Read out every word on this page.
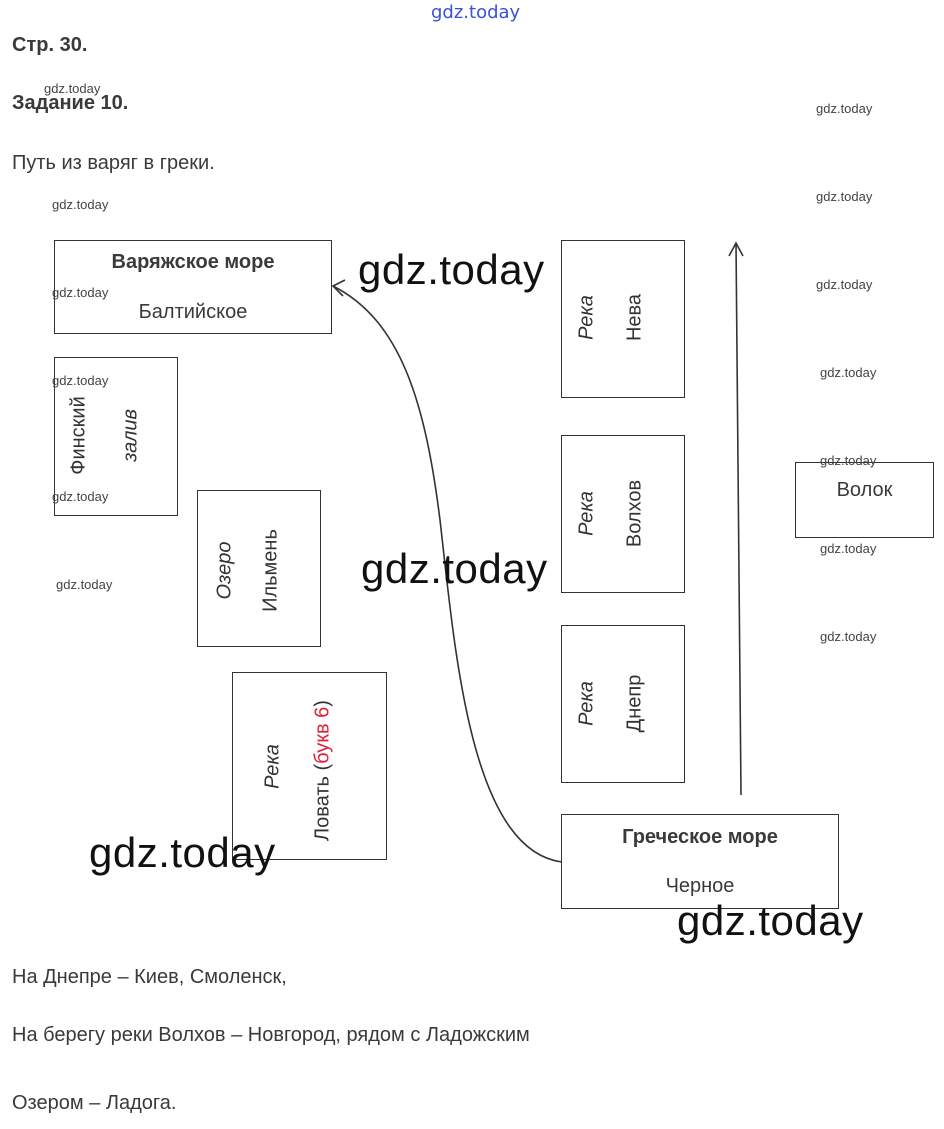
gdz.today
Стр. 30.
Задание 10.
Путь из варяг в греки.
Варяжское море
Балтийское
Финский залив
Озеро Ильмень
Река Ловать (букв 6)
Река Нева
Река Волхов
Река Днепр
Волок
Греческое море
Черное
На Днепре – Киев, Смоленск,
На берегу реки Волхов – Новгород, рядом с Ладожским
Озером – Ладога.
gdz.today
gdz.today
gdz.today
gdz.today
gdz.today
gdz.today
gdz.today
gdz.today
gdz.today
gdz.today
gdz.today
gdz.today
gdz.today
gdz.today
gdz.today
gdz.today
gdz.today
